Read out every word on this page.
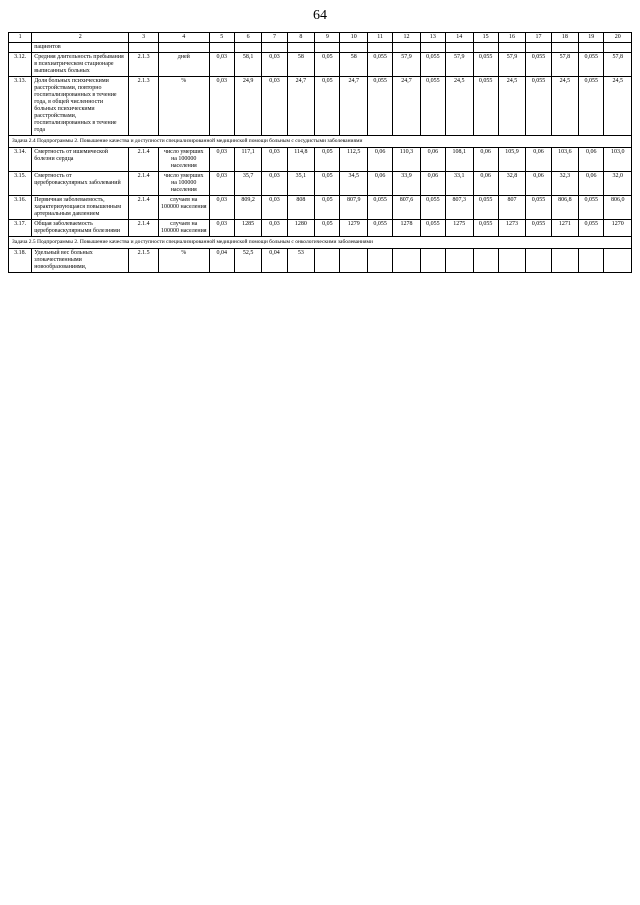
64
1	2	3	4	5	6	7	8	9	10	11	12	13	14	15	16	17	18	19	20
	пациентов																		
3.12.	Средняя длительность пребывания в психиатрическом стационаре выписанных больных	2.1.3	дней	0,03	58,1	0,03	58	0,05	58	0,055	57,9	0,055	57,9	0,055	57,9	0,055	57,8	0,055	57,8
3.13.	Доля больных психическими расстройствами, повторно госпитализированных в течение года, в общей численности больных психическими расстройствами, госпитализированных в течение года	2.1.3	%	0,03	24,9	0,03	24,7	0,05	24,7	0,055	24,7	0,055	24,5	0,055	24,5	0,055	24,5	0,055	24,5
Задача 2.4 Подпрограммы 2. Повышение качества и доступности специализированной медицинской помощи больным с сосудистыми заболеваниями																			
3.14.	Смертность от ишемической болезни сердца	2.1.4	число умерших на 100000 населения	0,03	117,1	0,03	114,8	0,05	112,5	0,06	110,3	0,06	108,1	0,06	105,9	0,06	103,6	0,06	103,0
3.15.	Смертность от цереброваскулярных заболеваний	2.1.4	число умерших на 100000 населения	0,03	35,7	0,03	35,1	0,05	34,5	0,06	33,9	0,06	33,1	0,06	32,8	0,06	32,3	0,06	32,0
3.16.	Первичная заболеваемость, характеризующаяся повышенным артериальным давлением	2.1.4	случаев на 100000 населения	0,03	809,2	0,03	808	0,05	807,9	0,055	807,6	0,055	807,3	0,055	807	0,055	806,8	0,055	806,0
3.17.	Общая заболеваемость цереброваскулярными болезнями	2.1.4	случаев на 100000 населения	0,03	1285	0,03	1280	0,05	1279	0,055	1278	0,055	1275	0,055	1273	0,055	1271	0,055	1270
Задача 2.5 Подпрограммы 2. Повышение качества и доступности специализированной медицинской помощи больным с онкологическими заболеваниями																			
3.18.	Удельный вес больных злокачественными новообразованиями,	2.1.5	%	0,04	52,5	0,04	53												
